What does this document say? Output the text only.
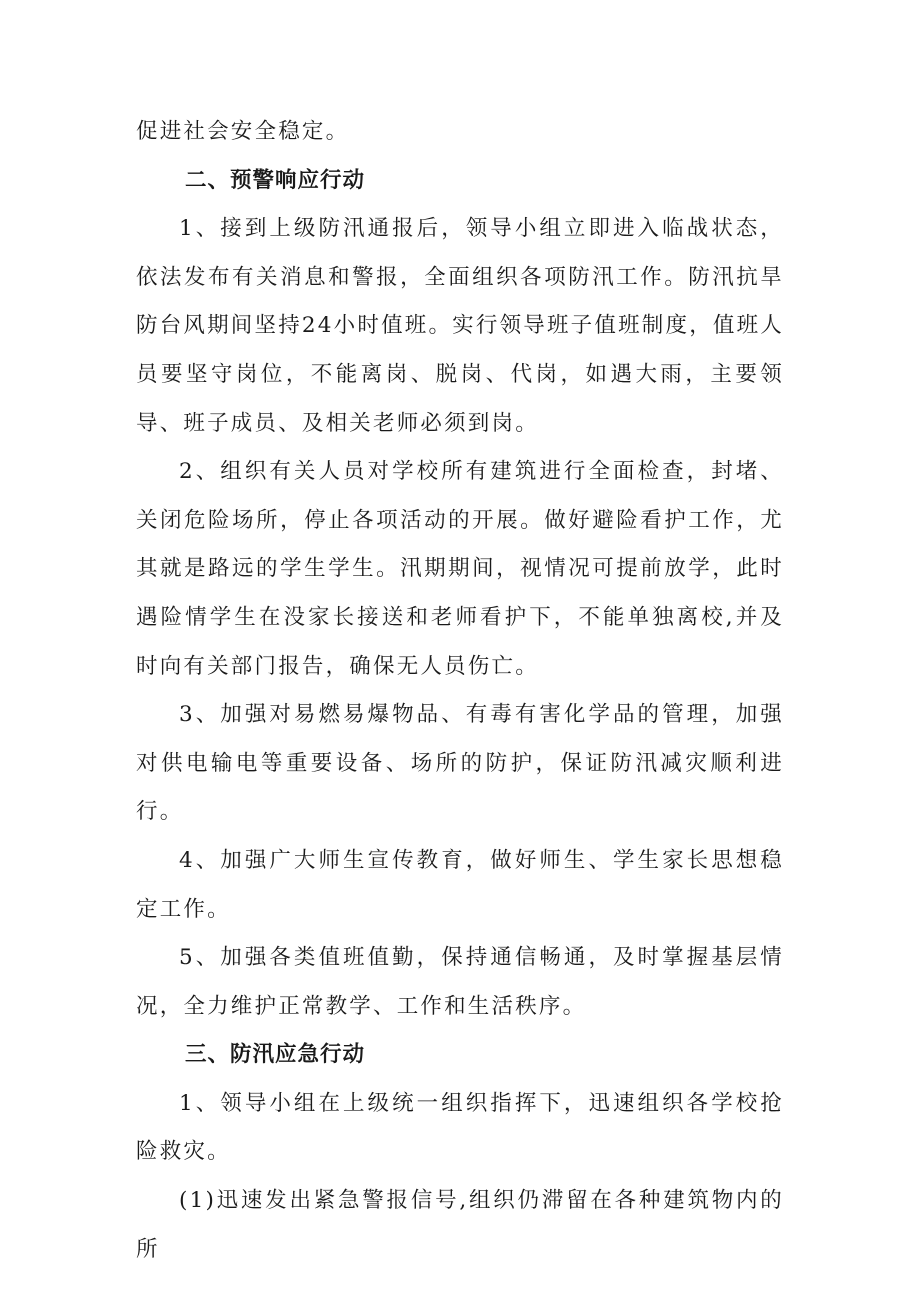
促进社会安全稳定。

二、预警响应行动

1、接到上级防汛通报后，领导小组立即进入临战状态，依法发布有关消息和警报，全面组织各项防汛工作。防汛抗旱防台风期间坚持24小时值班。实行领导班子值班制度，值班人员要坚守岗位，不能离岗、脱岗、代岗，如遇大雨，主要领导、班子成员、及相关老师必须到岗。

2、组织有关人员对学校所有建筑进行全面检查，封堵、关闭危险场所，停止各项活动的开展。做好避险看护工作，尤其就是路远的学生学生。汛期期间，视情况可提前放学，此时遇险情学生在没家长接送和老师看护下，不能单独离校,并及时向有关部门报告，确保无人员伤亡。

3、加强对易燃易爆物品、有毒有害化学品的管理，加强对供电输电等重要设备、场所的防护，保证防汛减灾顺利进行。

4、加强广大师生宣传教育，做好师生、学生家长思想稳定工作。

5、加强各类值班值勤，保持通信畅通，及时掌握基层情况，全力维护正常教学、工作和生活秩序。

三、防汛应急行动

1、领导小组在上级统一组织指挥下，迅速组织各学校抢险救灾。

(1)迅速发出紧急警报信号,组织仍滞留在各种建筑物内的所
